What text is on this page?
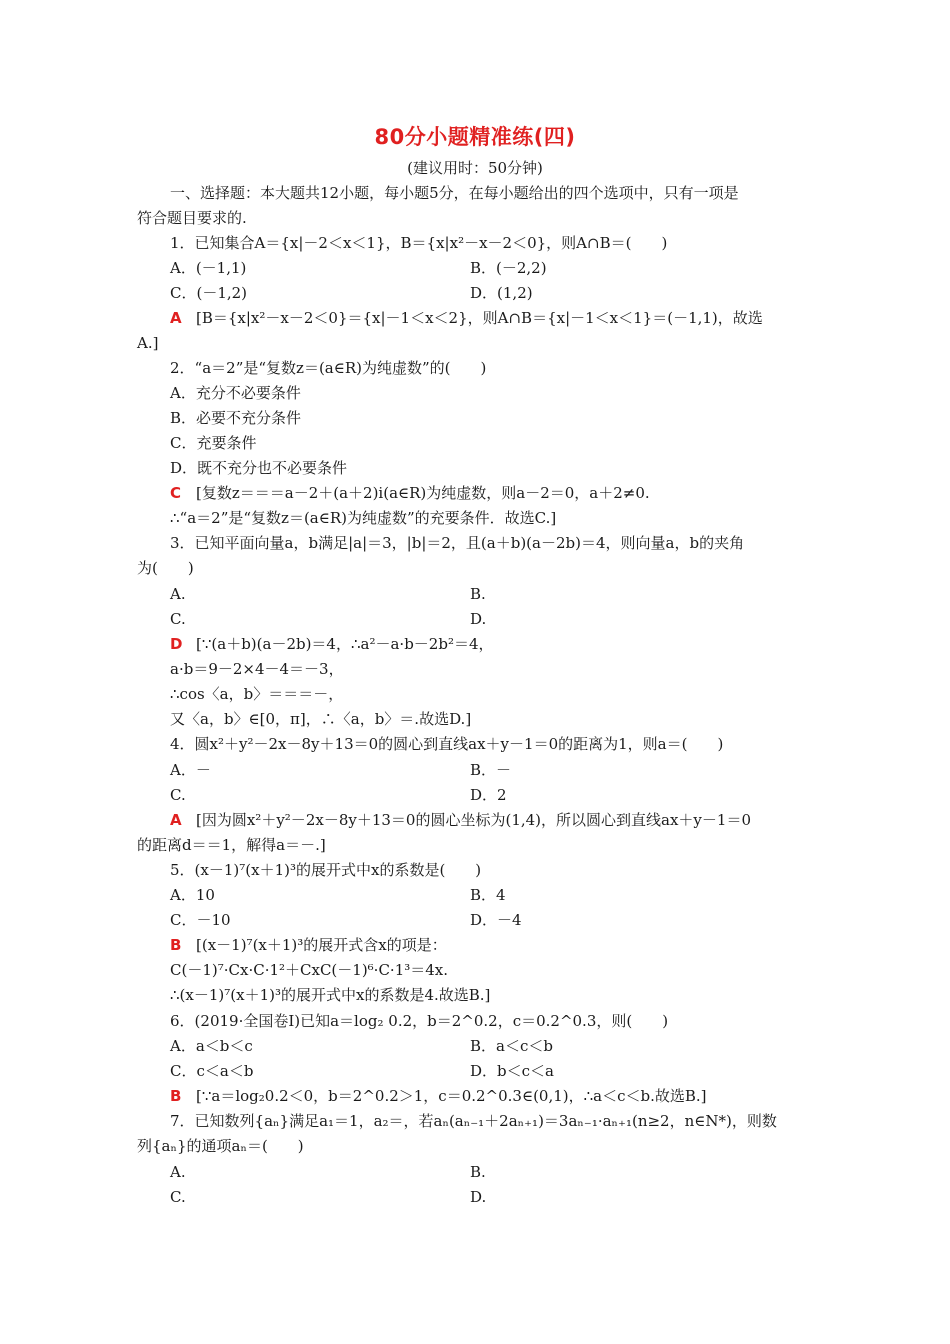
80分小题精准练(四)
(建议用时：50分钟)
一、选择题：本大题共12小题，每小题5分，在每小题给出的四个选项中，只有一项是
符合题目要求的.
1．已知集合A＝{x|－2＜x＜1}，B＝{x|x²－x－2＜0}，则A∩B＝(　　)
A．(－1,1)	B．(－2,2)
C．(－1,2)	D．(1,2)
A [B＝{x|x²－x－2＜0}＝{x|－1＜x＜2}，则A∩B＝{x|－1＜x＜1}＝(－1,1)，故选
A.]
2．“a＝2”是“复数z＝(a∈R)为纯虚数”的(　　)
A．充分不必要条件
B．必要不充分条件
C．充要条件
D．既不充分也不必要条件
C [复数z＝＝＝a－2＋(a＋2)i(a∈R)为纯虚数，则a－2＝0，a＋2≠0.
∴“a＝2”是“复数z＝(a∈R)为纯虚数”的充要条件．故选C.]
3．已知平面向量a，b满足|a|＝3，|b|＝2，且(a＋b)(a－2b)＝4，则向量a，b的夹角
为(　　)
A.	B.
C.	D.
D [∵(a＋b)(a－2b)＝4，∴a²－a·b－2b²＝4，
a·b＝9－2×4－4＝－3，
∴cos〈a，b〉＝＝＝－，
又〈a，b〉∈[0，π]，∴〈a，b〉＝.故选D.]
4．圆x²＋y²－2x－8y＋13＝0的圆心到直线ax＋y－1＝0的距离为1，则a＝(　　)
A．－	B．－
C.	D．2
A [因为圆x²＋y²－2x－8y＋13＝0的圆心坐标为(1,4)，所以圆心到直线ax＋y－1＝0
的距离d＝＝1，解得a＝－.]
5．(x－1)⁷(x＋1)³的展开式中x的系数是(　　)
A．10	B．4
C．－10	D．－4
B [(x－1)⁷(x＋1)³的展开式含x的项是：
C(－1)⁷·Cx·C·1²＋CxC(－1)⁶·C·1³＝4x.
∴(x－1)⁷(x＋1)³的展开式中x的系数是4.故选B.]
6．(2019·全国卷Ⅰ)已知a＝log₂ 0.2，b＝2^0.2，c＝0.2^0.3，则(　　)
A．a＜b＜c	B．a＜c＜b
C．c＜a＜b	D．b＜c＜a
B [∵a＝log₂0.2＜0，b＝2^0.2＞1，c＝0.2^0.3∈(0,1)，∴a＜c＜b.故选B.]
7．已知数列{aₙ}满足a₁＝1，a₂＝，若aₙ(aₙ₋₁＋2aₙ₊₁)＝3aₙ₋₁·aₙ₊₁(n≥2，n∈N*)，则数
列{aₙ}的通项aₙ＝(　　)
A.	B.
C.	D.
